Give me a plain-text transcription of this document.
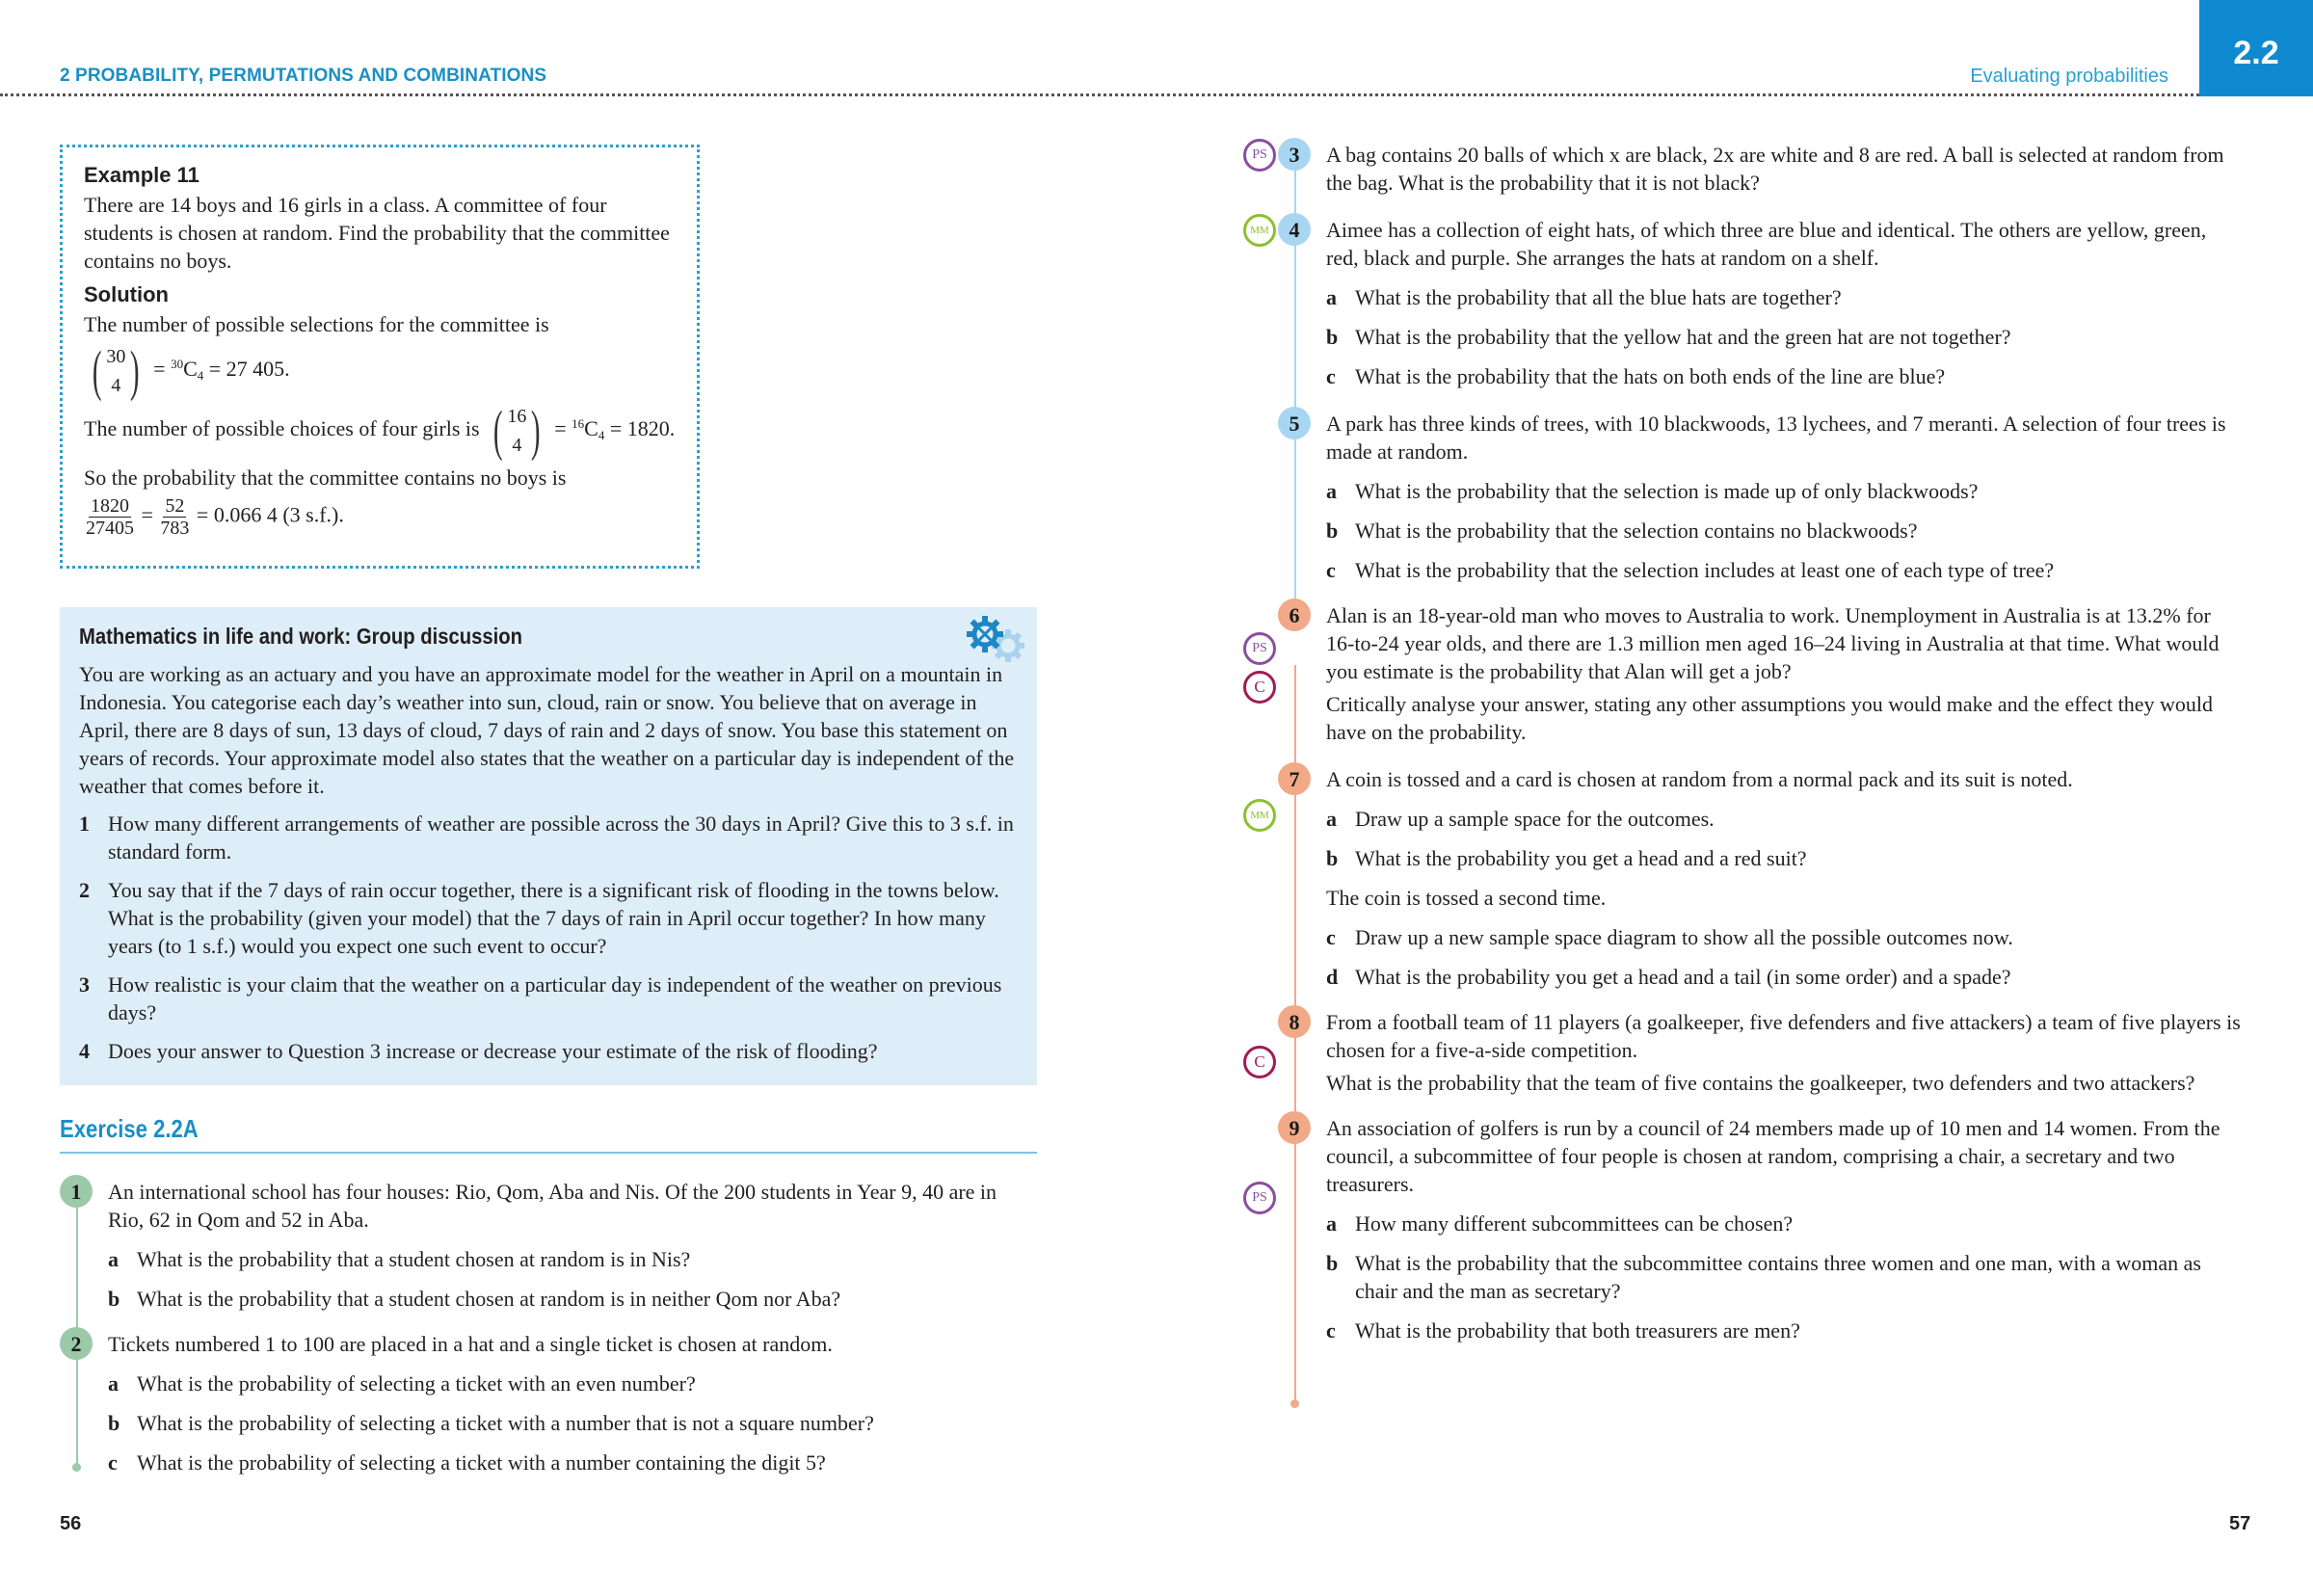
2 PROBABILITY, PERMUTATIONS AND COMBINATIONS	Evaluating probabilities
2.2
Example 11

There are 14 boys and 16 girls in a class. A committee of four students is chosen at random. Find the probability that the committee contains no boys.

Solution

The number of possible selections for the committee is

( 30
4 ) = $^{30}C_4 = 27$ 405.
The number of possible choices of four girls is ( 16
4 ) = $^{16}C_4 = 1820$.

So the probability that the committee contains no boys is

$\frac{1820}{27405} = \frac{52}{783} = 0.066$ 4 (3 s.f.).
Mathematics in life and work: Group discussion

You are working as an actuary and you have an approximate model for the weather in April on a mountain in Indonesia. You categorise each day’s weather into sun, cloud, rain or snow. You believe that on average in April, there are 8 days of sun, 13 days of cloud, 7 days of rain and 2 days of snow. You base this statement on years of records. Your approximate model also states that the weather on a particular day is independent of the weather that comes before it.

1 How many different arrangements of weather are possible across the 30 days in April? Give this to 3 s.f. in standard form.
2 You say that if the 7 days of rain occur together, there is a significant risk of flooding in the towns below. What is the probability (given your model) that the 7 days of rain in April occur together? In how many years (to 1 s.f.) would you expect one such event to occur?
3 How realistic is your claim that the weather on a particular day is independent of the weather on previous days?
4 Does your answer to Question 3 increase or decrease your estimate of the risk of flooding?
Exercise 2.2A
1	An international school has four houses: Rio, Qom, Aba and Nis. Of the 200 students in Year 9, 40 are in Rio, 62 in Qom and 52 in Aba.
a What is the probability that a student chosen at random is in Nis?
b What is the probability that a student chosen at random is in neither Qom nor Aba?
2	Tickets numbered 1 to 100 are placed in a hat and a single ticket is chosen at random.
a What is the probability of selecting a ticket with an even number?
b What is the probability of selecting a ticket with a number that is not a square number?
c What is the probability of selecting a ticket with a number containing the digit 5?
PS
MM
PS
C
MM
C
PS
3	A bag contains 20 balls of which x are black, 2x are white and 8 are red. A ball is selected at random from the bag. What is the probability that it is not black?
4	Aimee has a collection of eight hats, of which three are blue and identical. The others are yellow, green, red, black and purple. She arranges the hats at random on a shelf.
a What is the probability that all the blue hats are together?
b What is the probability that the yellow hat and the green hat are not together?
c What is the probability that the hats on both ends of the line are blue?
5	A park has three kinds of trees, with 10 blackwoods, 13 lychees, and 7 meranti. A selection of four trees is made at random.
a What is the probability that the selection is made up of only blackwoods?
b What is the probability that the selection contains no blackwoods?
c What is the probability that the selection includes at least one of each type of tree?
6	Alan is an 18-year-old man who moves to Australia to work. Unemployment in Australia is at 13.2% for 16-to-24 year olds, and there are 1.3 million men aged 16–24 living in Australia at that time. What would you estimate is the probability that Alan will get a job?
Critically analyse your answer, stating any other assumptions you would make and the effect they would have on the probability.
7	A coin is tossed and a card is chosen at random from a normal pack and its suit is noted.
a Draw up a sample space for the outcomes.
b What is the probability you get a head and a red suit?
The coin is tossed a second time.
c Draw up a new sample space diagram to show all the possible outcomes now.
d What is the probability you get a head and a tail (in some order) and a spade?
8	From a football team of 11 players (a goalkeeper, five defenders and five attackers) a team of five players is chosen for a five-a-side competition.
What is the probability that the team of five contains the goalkeeper, two defenders and two attackers?
9	An association of golfers is run by a council of 24 members made up of 10 men and 14 women. From the council, a subcommittee of four people is chosen at random, comprising a chair, a secretary and two treasurers.
a How many different subcommittees can be chosen?
b What is the probability that the subcommittee contains three women and one man, with a woman as chair and the man as secretary?
c What is the probability that both treasurers are men?
56	57
